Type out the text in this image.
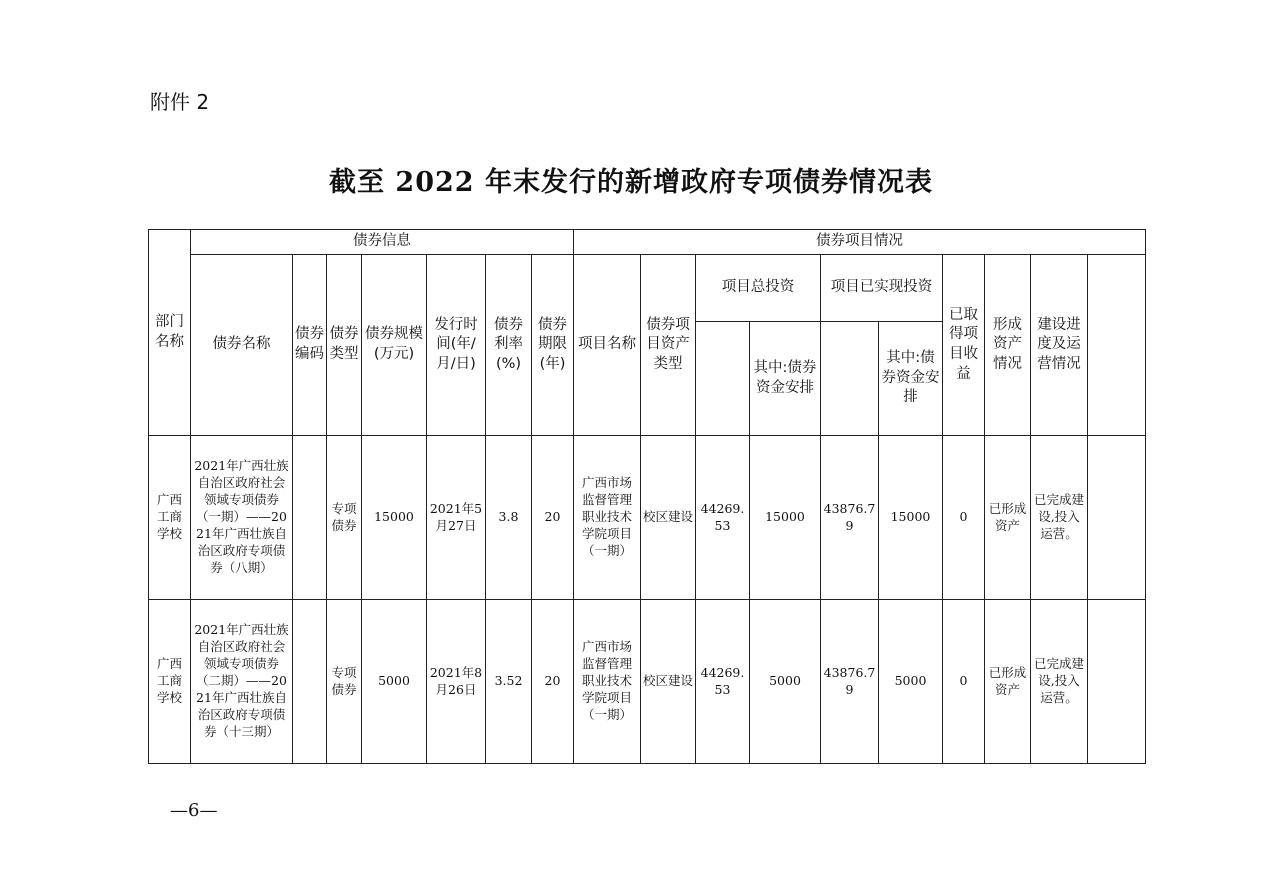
附件 2
截至 2022 年末发行的新增政府专项债券情况表
部门名称	债券信息							债券项目情况	
	债券名称	债券编码	债券类型	债券规模(万元)	发行时间(年/月/日)	债券利率(%)	债券期限(年)	项目名称	债券项目资产类型	项目总投资		项目已实现投资		已取得项目收益	形成资产情况	建设进度及运营情况		
											其中:债券资金安排		其中:债券资金安排					

广西工商学校	2021年广西壮族自治区政府社会领域专项债券（一期）——2021年广西壮族自治区政府专项债券（八期）		专项债券	15000	2021年5月27日	3.8	20	广西市场监督管理职业技术学院项目（一期）	校区建设	44269.53	15000	43876.79	15000	0	已形成资产	已完成建设,投入运营。		
广西工商学校	2021年广西壮族自治区政府社会领域专项债券（二期）——2021年广西壮族自治区政府专项债券（十三期）		专项债券	5000	2021年8月26日	3.52	20	广西市场监督管理职业技术学院项目（一期）	校区建设	44269.53	5000	43876.79	5000	0	已形成资产	已完成建设,投入运营。		
—6—
